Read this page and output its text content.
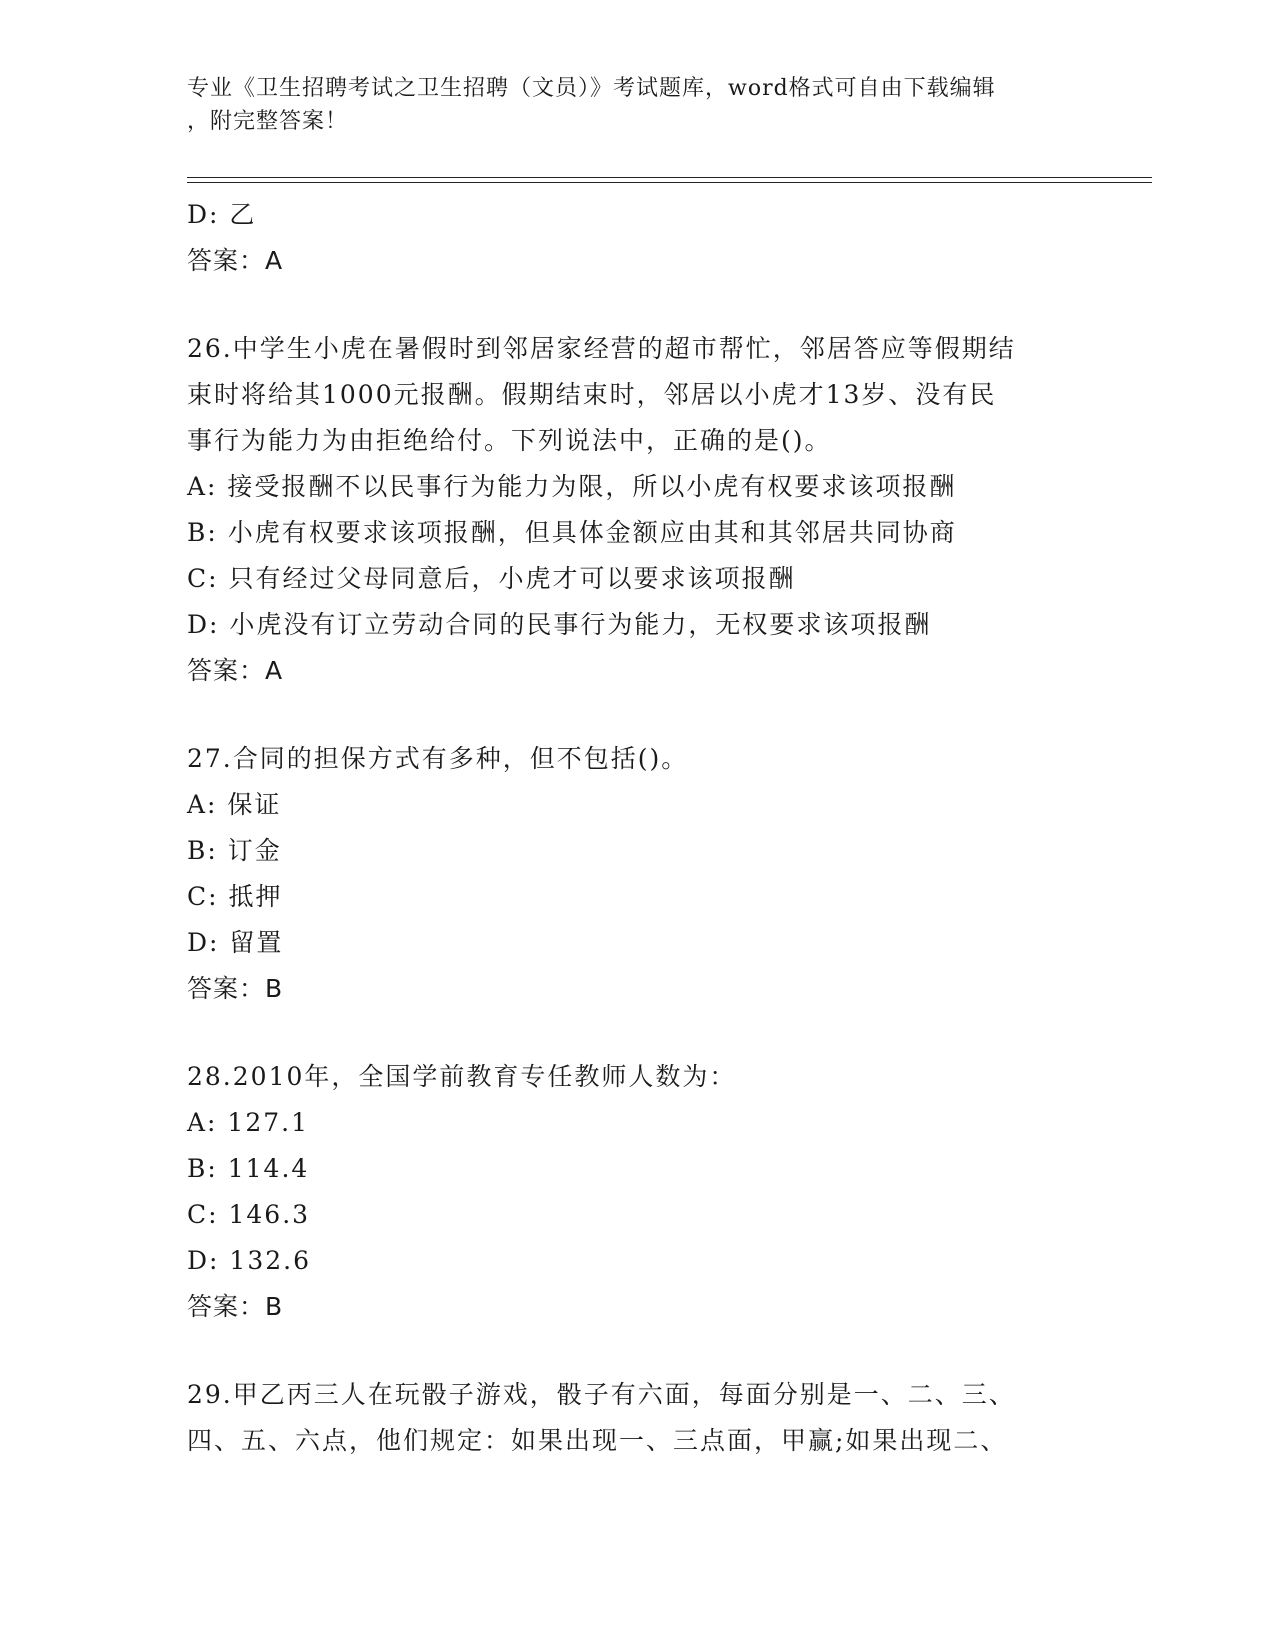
专业《卫生招聘考试之卫生招聘（文员）》考试题库，word格式可自由下载编辑
，附完整答案！
D: 乙
答案：A
26.中学生小虎在暑假时到邻居家经营的超市帮忙，邻居答应等假期结
束时将给其1000元报酬。假期结束时，邻居以小虎才13岁、没有民
事行为能力为由拒绝给付。下列说法中，正确的是()。
A: 接受报酬不以民事行为能力为限，所以小虎有权要求该项报酬
B: 小虎有权要求该项报酬，但具体金额应由其和其邻居共同协商
C: 只有经过父母同意后，小虎才可以要求该项报酬
D: 小虎没有订立劳动合同的民事行为能力，无权要求该项报酬
答案：A
27.合同的担保方式有多种，但不包括()。
A: 保证
B: 订金
C: 抵押
D: 留置
答案：B
28.2010年，全国学前教育专任教师人数为：
A: 127.1
B: 114.4
C: 146.3
D: 132.6
答案：B
29.甲乙丙三人在玩骰子游戏，骰子有六面，每面分别是一、二、三、
四、五、六点，他们规定：如果出现一、三点面，甲赢;如果出现二、
